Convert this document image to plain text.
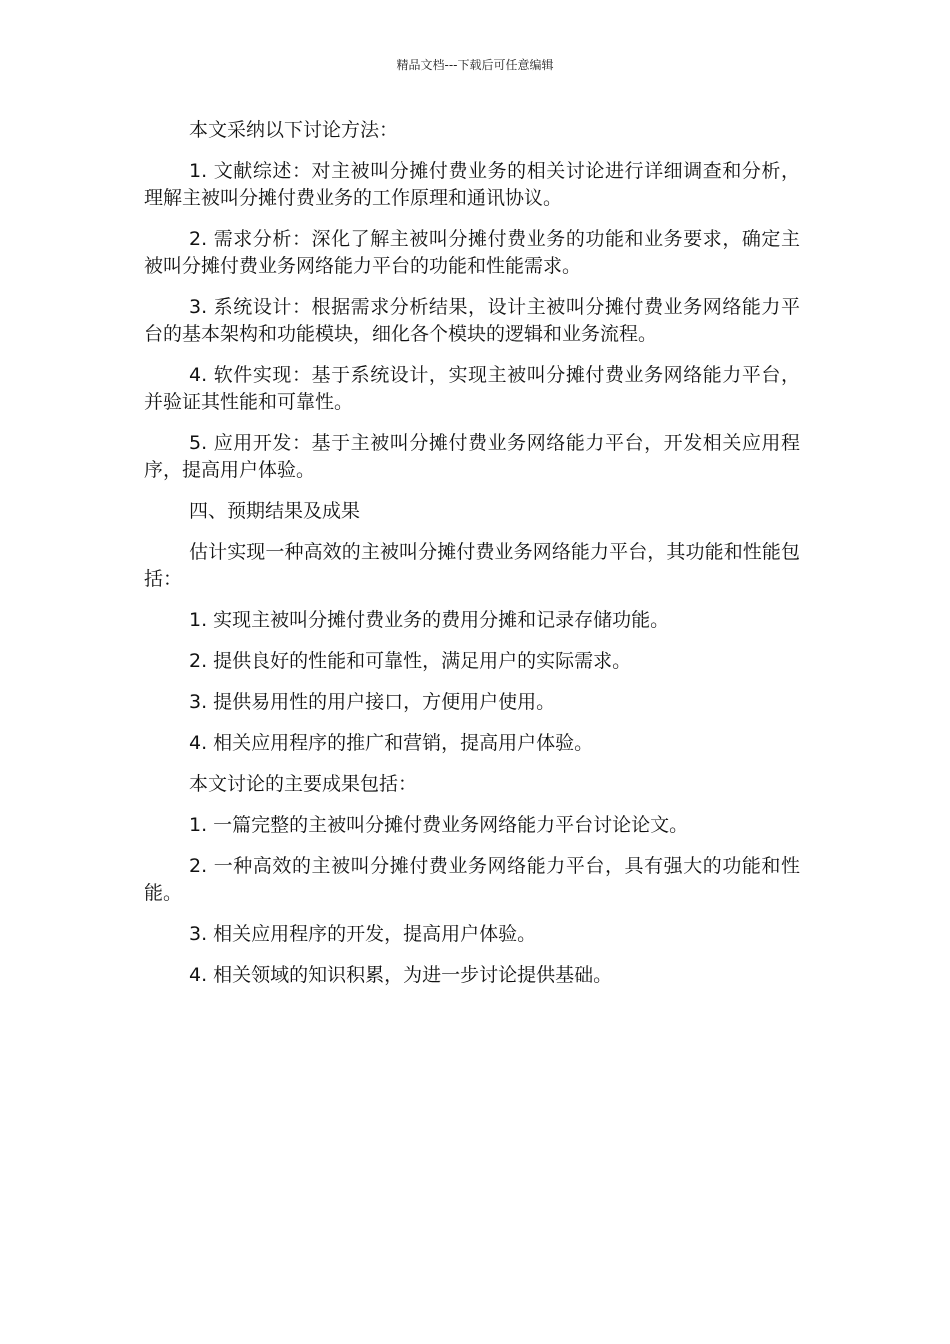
精品文档---下载后可任意编辑

本文采纳以下讨论方法：

1. 文献综述：对主被叫分摊付费业务的相关讨论进行详细调查和分析，理解主被叫分摊付费业务的工作原理和通讯协议。

2. 需求分析：深化了解主被叫分摊付费业务的功能和业务要求，确定主被叫分摊付费业务网络能力平台的功能和性能需求。

3. 系统设计：根据需求分析结果，设计主被叫分摊付费业务网络能力平台的基本架构和功能模块，细化各个模块的逻辑和业务流程。

4. 软件实现：基于系统设计，实现主被叫分摊付费业务网络能力平台，并验证其性能和可靠性。

5. 应用开发：基于主被叫分摊付费业务网络能力平台，开发相关应用程序，提高用户体验。

四、预期结果及成果

估计实现一种高效的主被叫分摊付费业务网络能力平台，其功能和性能包括：

1. 实现主被叫分摊付费业务的费用分摊和记录存储功能。

2. 提供良好的性能和可靠性，满足用户的实际需求。

3. 提供易用性的用户接口，方便用户使用。

4. 相关应用程序的推广和营销，提高用户体验。

本文讨论的主要成果包括：

1. 一篇完整的主被叫分摊付费业务网络能力平台讨论论文。

2. 一种高效的主被叫分摊付费业务网络能力平台，具有强大的功能和性能。

3. 相关应用程序的开发，提高用户体验。

4. 相关领域的知识积累，为进一步讨论提供基础。
